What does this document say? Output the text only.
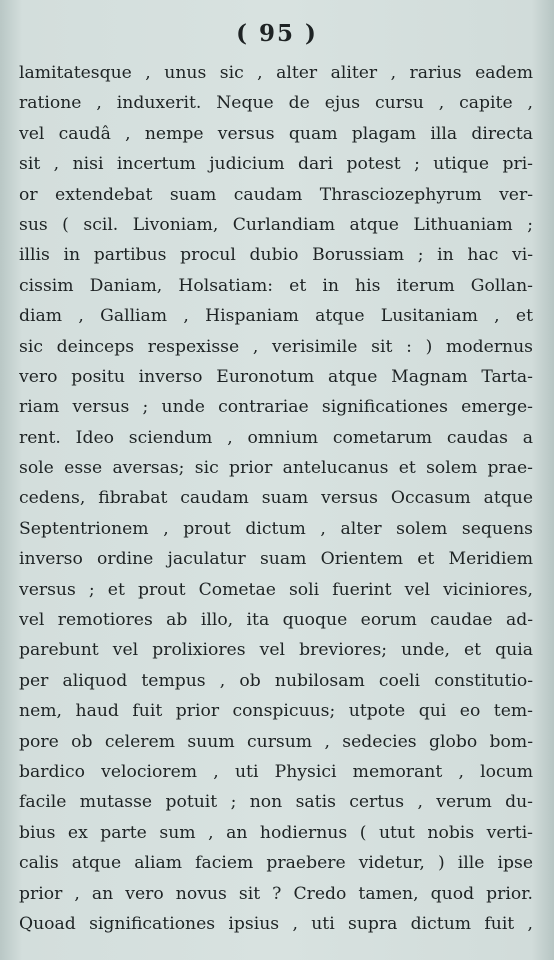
( 95 )
lamitatesque , unus sic , alter aliter , rarius eadem
ratione , induxerit. Neque de ejus cursu , capite ,
vel caudâ , nempe versus quam plagam illa directa
sit , nisi incertum judicium dari potest ; utique pri-
or extendebat suam caudam Thrasciozephyrum ver-
sus ( scil. Livoniam, Curlandiam atque Lithuaniam ;
illis in partibus procul dubio Borussiam ; in hac vi-
cissim Daniam, Holsatiam: et in his iterum Gollan-
diam , Galliam , Hispaniam atque Lusitaniam , et
sic deinceps respexisse , verisimile sit : ) modernus
vero positu inverso Euronotum atque Magnam Tarta-
riam versus ; unde contrariae significationes emerge-
rent. Ideo sciendum , omnium cometarum caudas a
sole esse aversas; sic prior antelucanus et solem prae-
cedens, fibrabat caudam suam versus Occasum atque
Septentrionem , prout dictum , alter solem sequens
inverso ordine jaculatur suam Orientem et Meridiem
versus ; et prout Cometae soli fuerint vel viciniores,
vel remotiores ab illo, ita quoque eorum caudae ad-
parebunt vel prolixiores vel breviores; unde, et quia
per aliquod tempus , ob nubilosam coeli constitutio-
nem, haud fuit prior conspicuus; utpote qui eo tem-
pore ob celerem suum cursum , sedecies globo bom-
bardico velociorem , uti Physici memorant , locum
facile mutasse potuit ; non satis certus , verum du-
bius ex parte sum , an hodiernus ( utut nobis verti-
calis atque aliam faciem praebere videtur, ) ille ipse
prior , an vero novus sit ? Credo tamen, quod prior.
Quoad significationes ipsius , uti supra dictum fuit ,
